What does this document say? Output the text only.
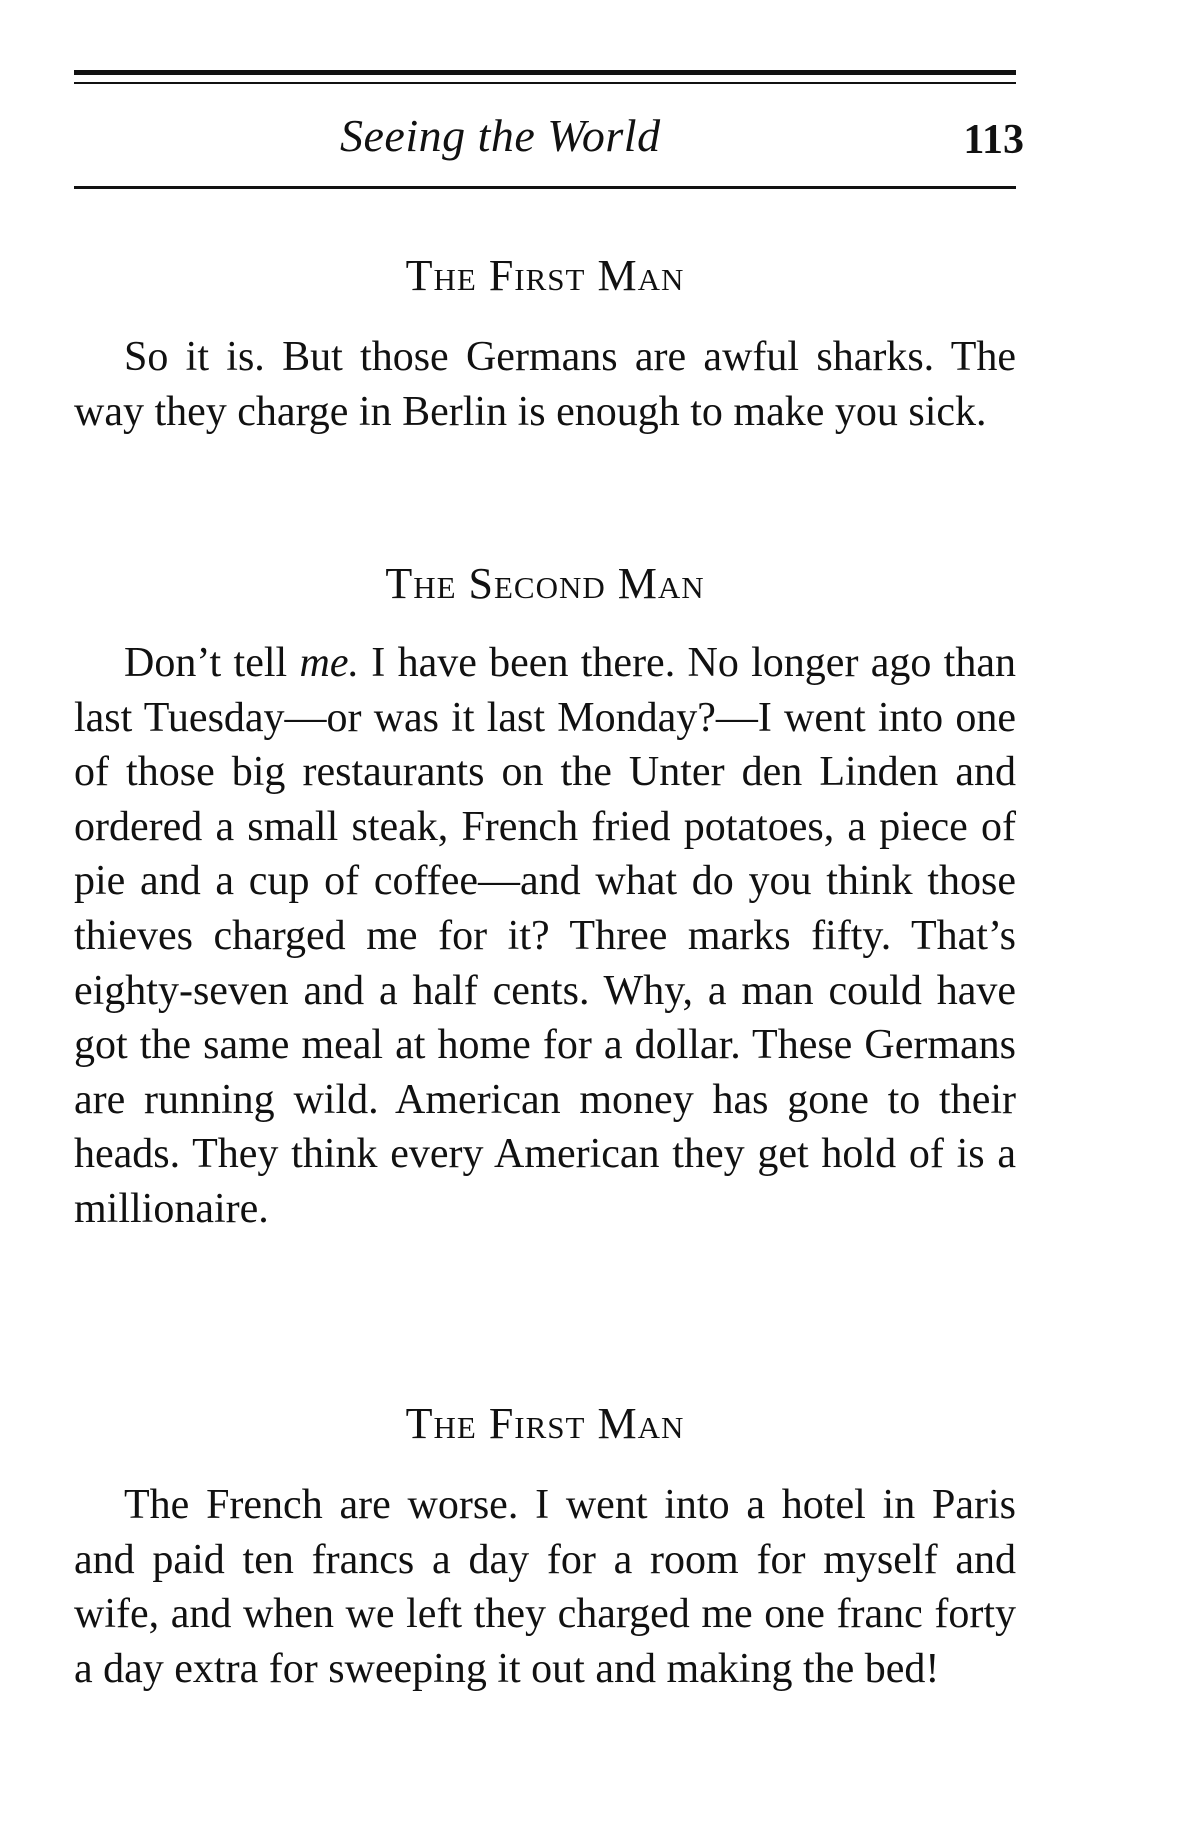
Seeing the World	113
The First Man

So it is. But those Germans are awful sharks. The way they charge in Berlin is enough to make you sick.

The Second Man

Don’t tell me. I have been there. No longer ago than last Tuesday—or was it last Monday?—I went into one of those big restaurants on the Unter den Linden and ordered a small steak, French fried potatoes, a piece of pie and a cup of coffee—and what do you think those thieves charged me for it? Three marks fifty. That’s eighty-seven and a half cents. Why, a man could have got the same meal at home for a dollar. These Germans are running wild. American money has gone to their heads. They think every American they get hold of is a millionaire.

The First Man

The French are worse. I went into a hotel in Paris and paid ten francs a day for a room for myself and wife, and when we left they charged me one franc forty a day extra for sweeping it out and making the bed!
